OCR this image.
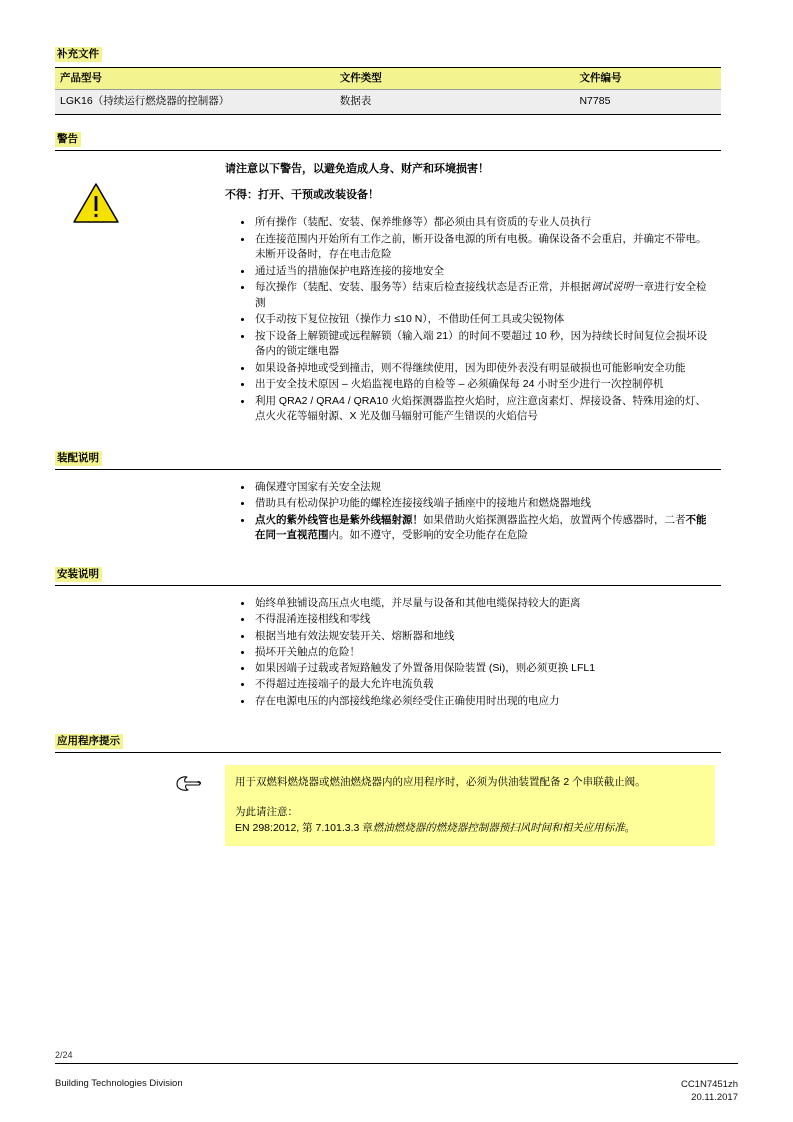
补充文件
产品型号	文件类型	文件编号
LGK16（持续运行燃烧器的控制器）	数据表	N7785
警告

请注意以下警告，以避免造成人身、财产和环境损害！

不得：打开、干预或改装设备！

所有操作（装配、安装、保养维修等）都必须由具有资质的专业人员执行
在连接范围内开始所有工作之前，断开设备电源的所有电极。确保设备不会重启，并确定不带电。 未断开设备时，存在电击危险
通过适当的措施保护电路连接的接地安全
每次操作（装配、安装、服务等）结束后检查接线状态是否正常，并根据调试说明一章进行安全检测
仅手动按下复位按钮（操作力 ≤10 N），不借助任何工具或尖锐物体
按下设备上解锁键或远程解锁（输入端 21）的时间不要超过 10 秒，因为持续长时间复位会损坏设备内的锁定继电器
如果设备掉地或受到撞击，则不得继续使用，因为即使外表没有明显破损也可能影响安全功能
出于安全技术原因 – 火焰监视电路的自检等 – 必须确保每 24 小时至少进行一次控制停机
利用 QRA2 / QRA4 / QRA10 火焰探测器监控火焰时，应注意卤素灯、焊接设备、特殊用途的灯、点火火花等辐射源、X 光及伽马辐射可能产生错误的火焰信号
装配说明
确保遵守国家有关安全法规
借助具有松动保护功能的螺栓连接接线端子插座中的接地片和燃烧器地线
点火的紫外线管也是紫外线辐射源！如果借助火焰探测器监控火焰，放置两个传感器时，二者不能在同一直视范围内。如不遵守，受影响的安全功能存在危险
安装说明
始终单独铺设高压点火电缆，并尽量与设备和其他电缆保持较大的距离
不得混淆连接相线和零线
根据当地有效法规安装开关、熔断器和地线
损坏开关触点的危险！
如果因端子过载或者短路触发了外置备用保险装置 (Si)，则必须更换 LFL1
不得超过连接端子的最大允许电流负载
存在电源电压的内部接线绝缘必须经受住正确使用时出现的电应力
应用程序提示

用于双燃料燃烧器或燃油燃烧器内的应用程序时，必须为供油装置配备 2 个串联截止阀。

为此请注意：

EN 298:2012, 第 7.101.3.3 章燃油燃烧器的燃烧器控制器预扫风时间和相关应用标准。

2/24
Building Technologies Division	CC1N7451zh
20.11.2017
